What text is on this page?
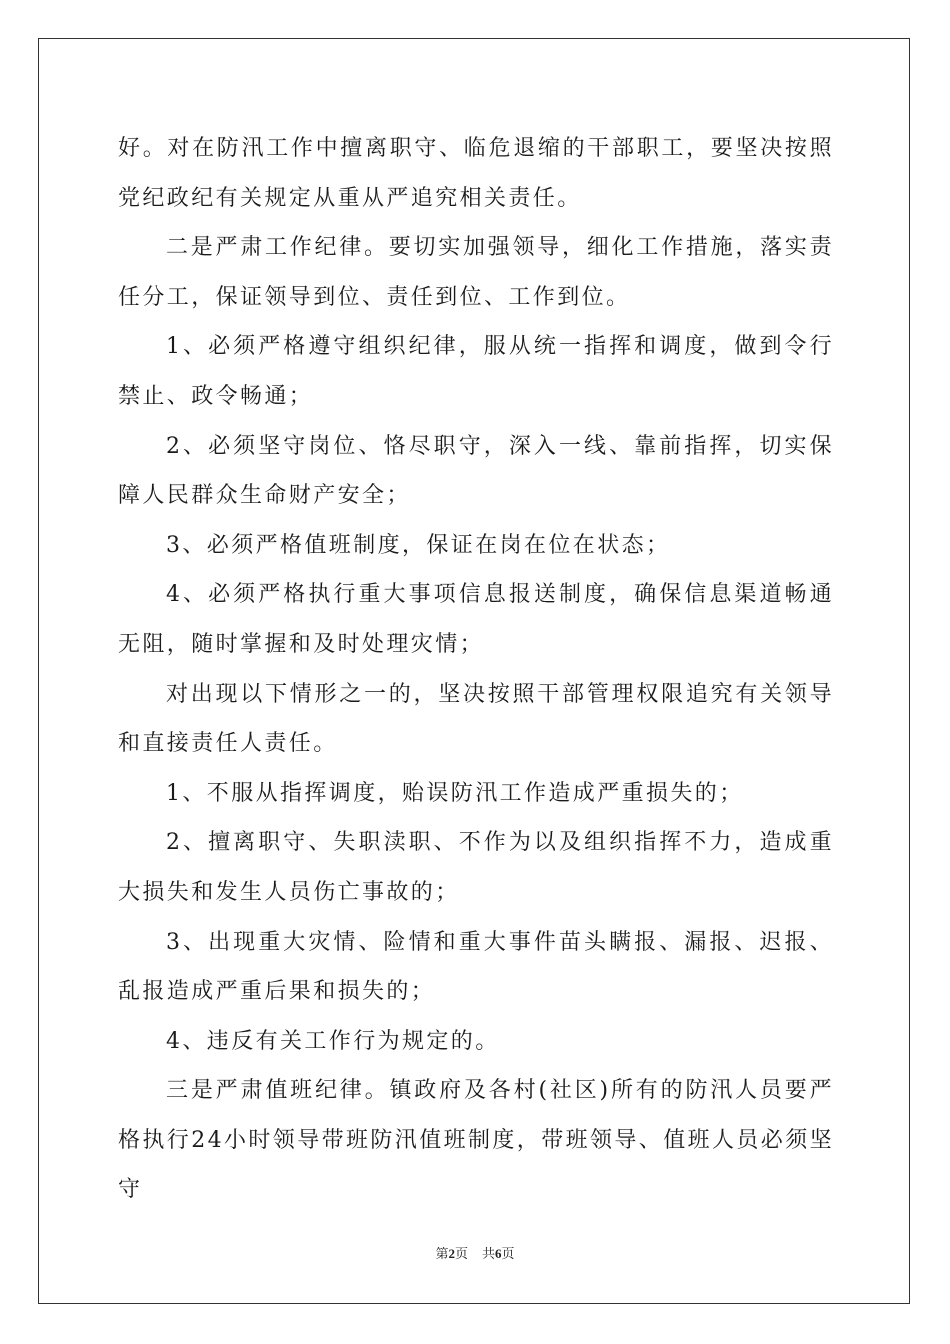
好。对在防汛工作中擅离职守、临危退缩的干部职工，要坚决按照党纪政纪有关规定从重从严追究相关责任。

二是严肃工作纪律。要切实加强领导，细化工作措施，落实责任分工，保证领导到位、责任到位、工作到位。

1、必须严格遵守组织纪律，服从统一指挥和调度，做到令行禁止、政令畅通；

2、必须坚守岗位、恪尽职守，深入一线、靠前指挥，切实保障人民群众生命财产安全；

3、必须严格值班制度，保证在岗在位在状态；

4、必须严格执行重大事项信息报送制度，确保信息渠道畅通无阻，随时掌握和及时处理灾情；

对出现以下情形之一的，坚决按照干部管理权限追究有关领导和直接责任人责任。

1、不服从指挥调度，贻误防汛工作造成严重损失的；

2、擅离职守、失职渎职、不作为以及组织指挥不力，造成重大损失和发生人员伤亡事故的；

3、出现重大灾情、险情和重大事件苗头瞒报、漏报、迟报、乱报造成严重后果和损失的；

4、违反有关工作行为规定的。

三是严肃值班纪律。镇政府及各村(社区)所有的防汛人员要严格执行24小时领导带班防汛值班制度，带班领导、值班人员必须坚守

第2页 共6页
